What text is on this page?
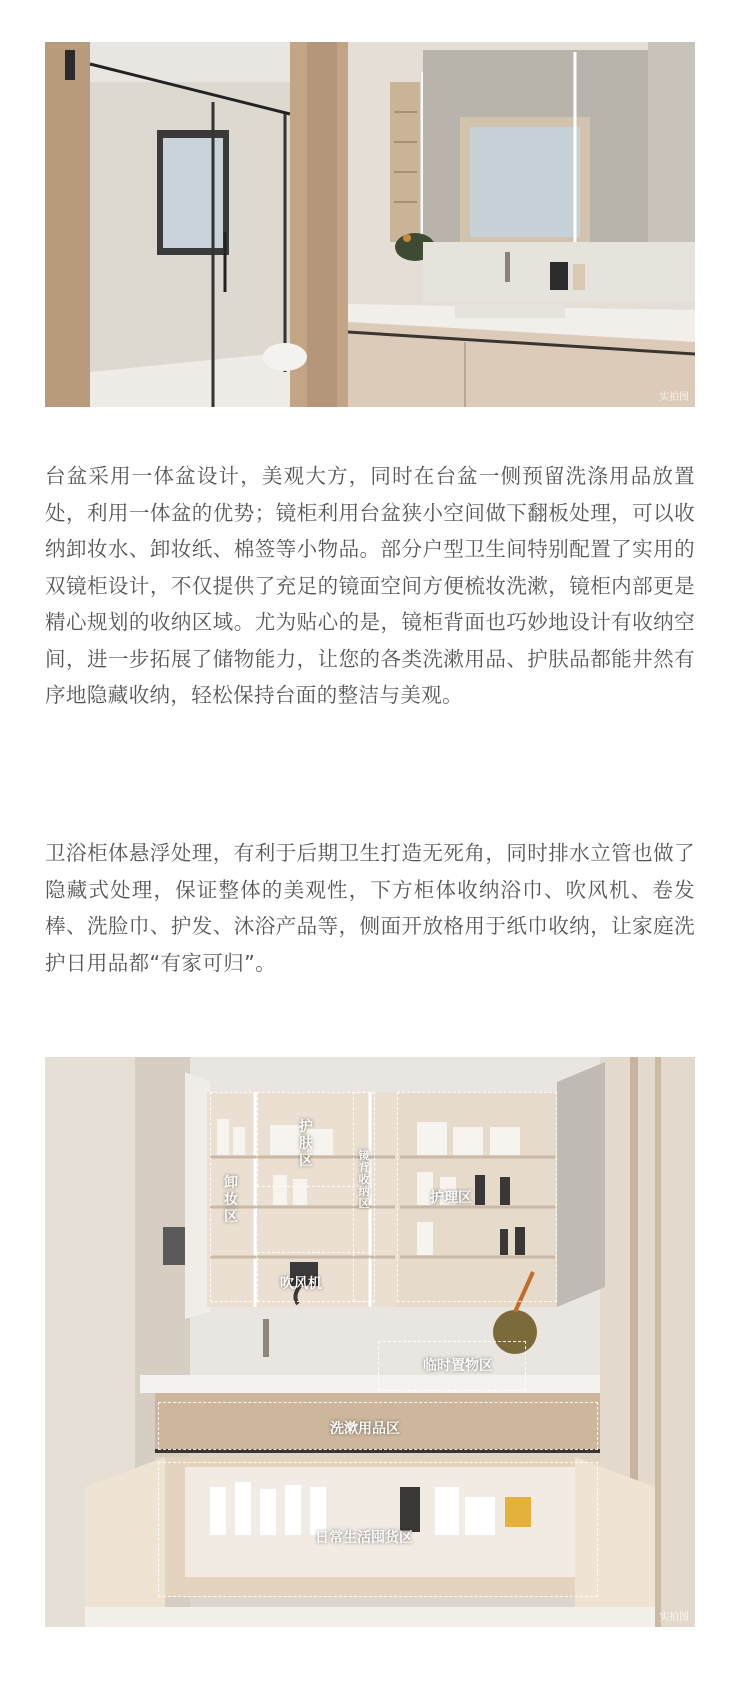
实拍图

台盆采用一体盆设计，美观大方，同时在台盆一侧预留洗涤用品放置处，利用一体盆的优势；镜柜利用台盆狭小空间做下翻板处理，可以收纳卸妆水、卸妆纸、棉签等小物品。部分户型卫生间特别配置了实用的双镜柜设计，不仅提供了充足的镜面空间方便梳妆洗漱，镜柜内部更是精心规划的收纳区域。尤为贴心的是，镜柜背面也巧妙地设计有收纳空间，进一步拓展了储物能力，让您的各类洗漱用品、护肤品都能井然有序地隐藏收纳，轻松保持台面的整洁与美观。

卫浴柜体悬浮处理，有利于后期卫生打造无死角，同时排水立管也做了隐藏式处理，保证整体的美观性，下方柜体收纳浴巾、吹风机、卷发棒、洗脸巾、护发、沐浴产品等，侧面开放格用于纸巾收纳，让家庭洗护日用品都“有家可归”。

卸妆区
护肤区	镜背收纳区	护理区
吹风机
临时置物区
洗漱用品区
日常生活囤货区
实拍图
